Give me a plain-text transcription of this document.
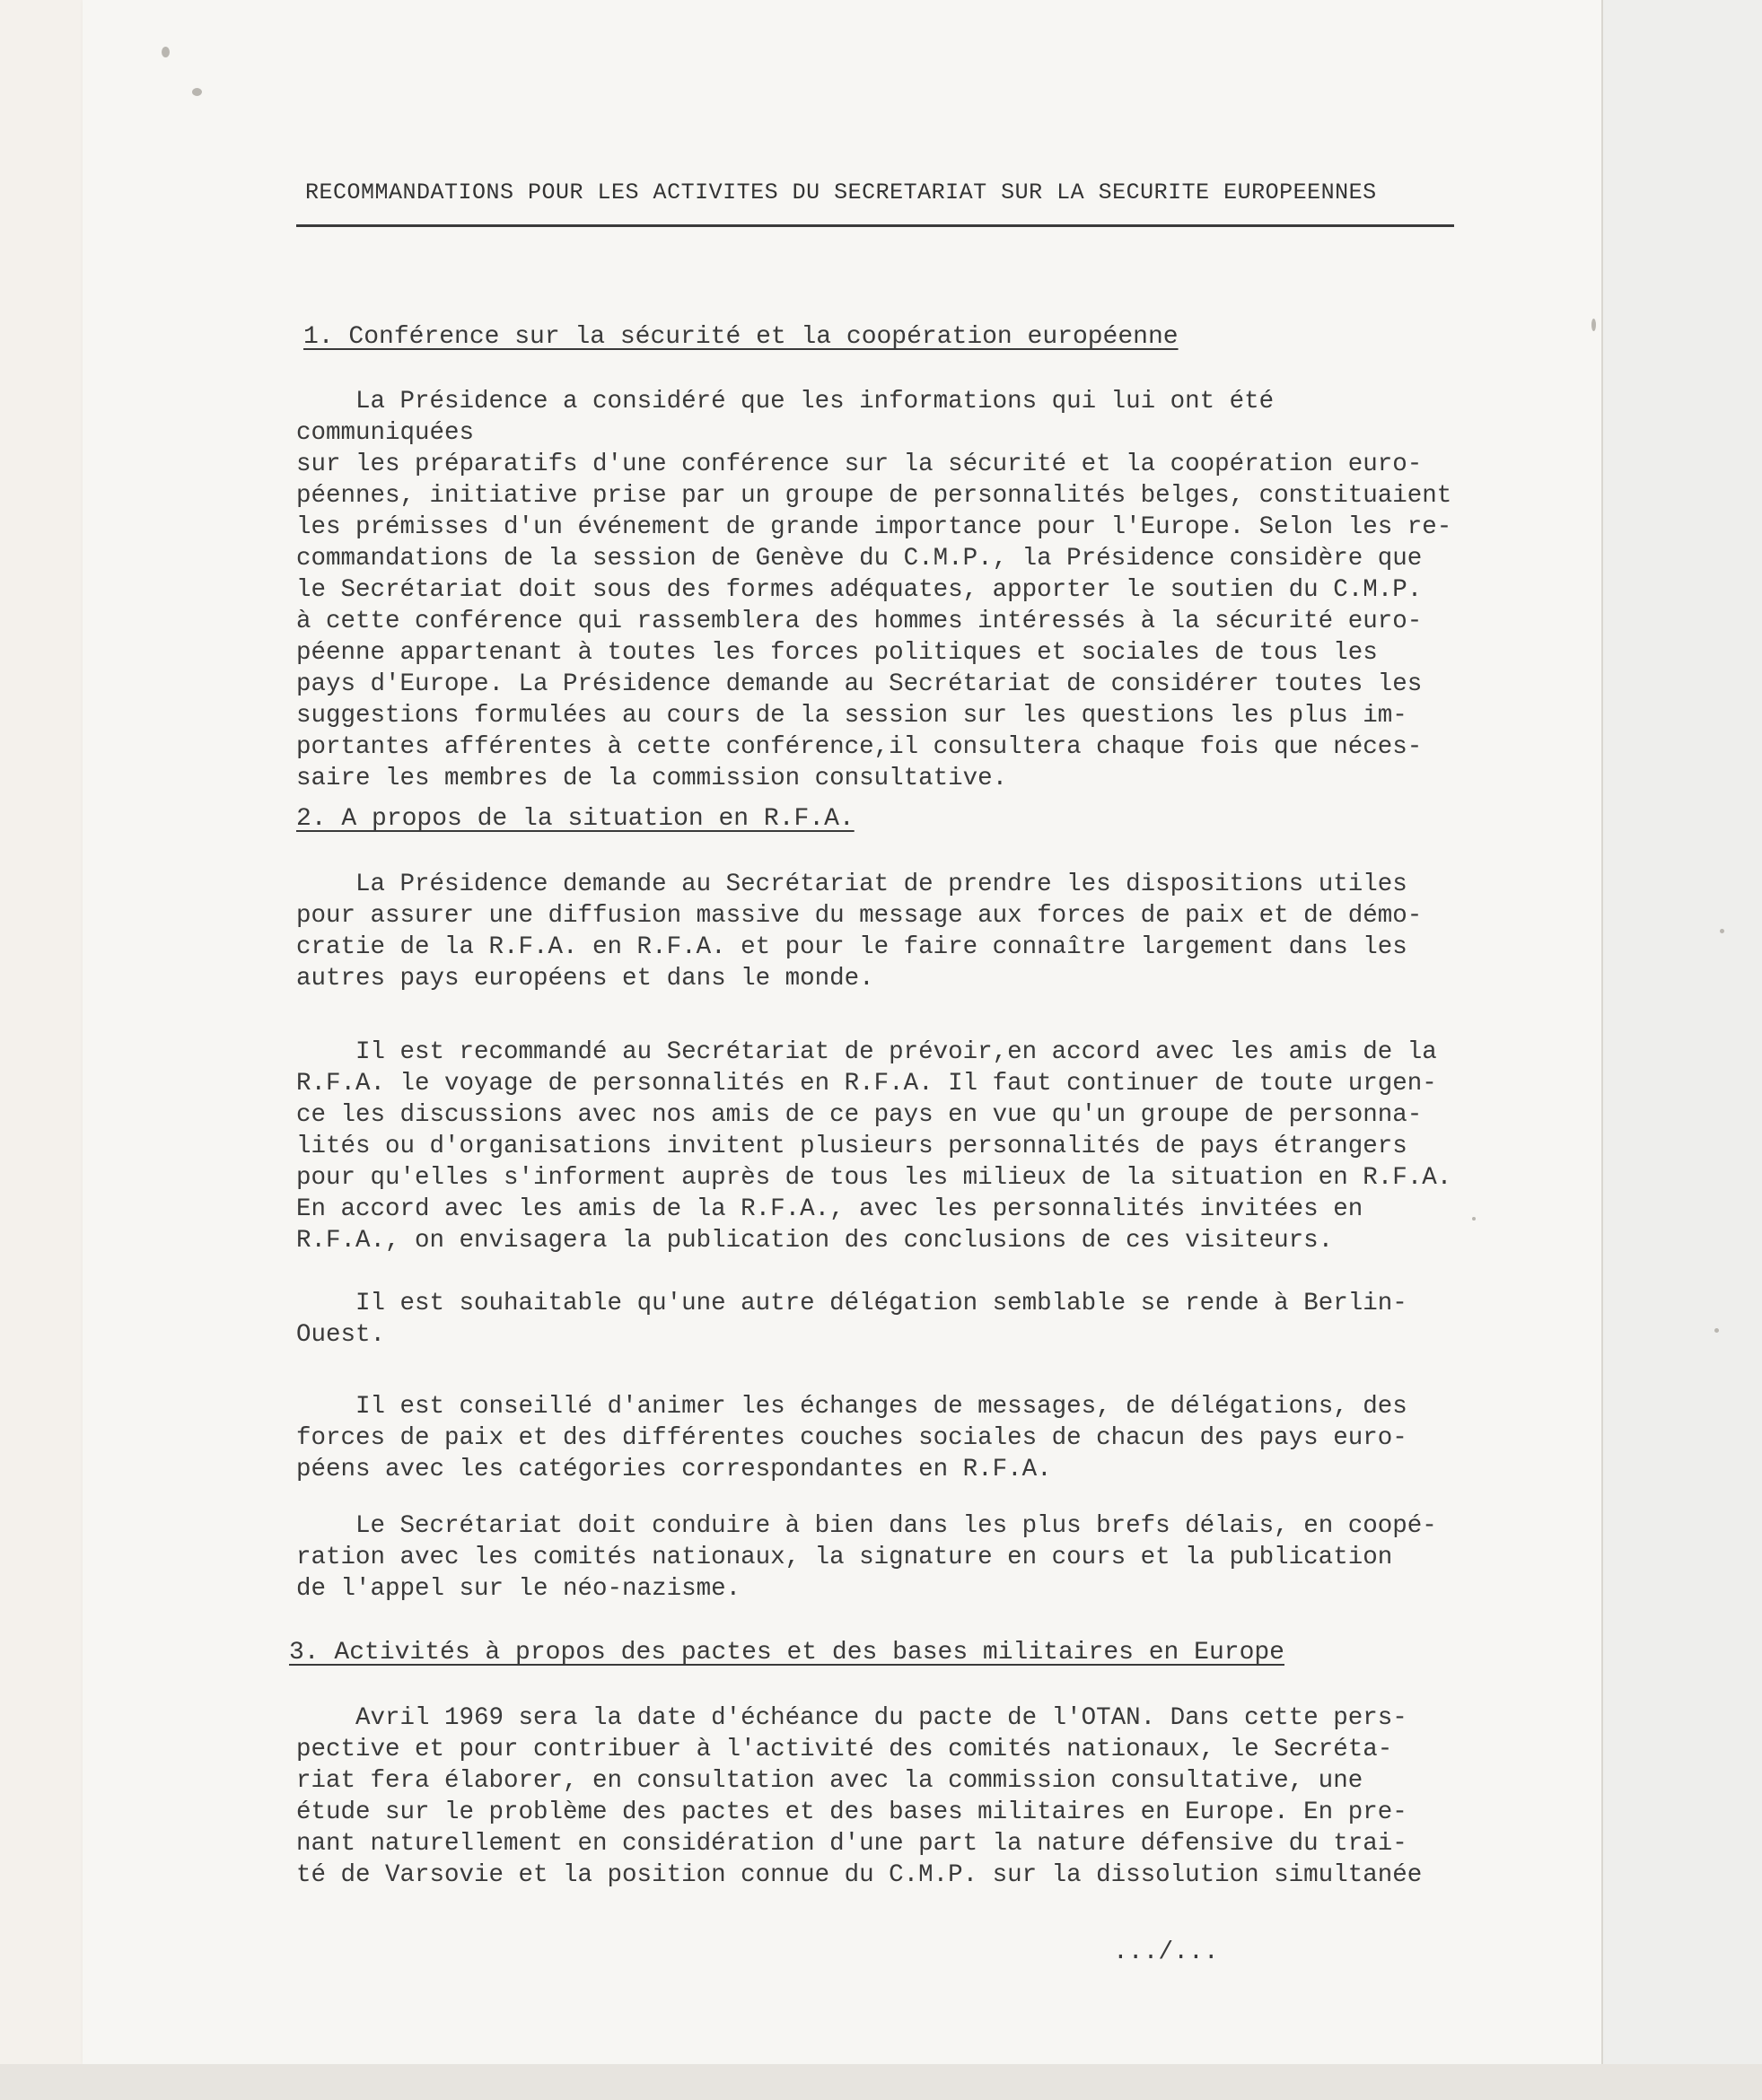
RECOMMANDATIONS POUR LES ACTIVITES DU SECRETARIAT SUR LA SECURITE EUROPEENNES
1. Conférence sur la sécurité et la coopération européenne
La Présidence a considéré que les informations qui lui ont été communiquées
sur les préparatifs d'une conférence sur la sécurité et la coopération euro-
péennes, initiative prise par un groupe de personnalités belges, constituaient
les prémisses d'un événement de grande importance pour l'Europe. Selon les re-
commandations de la session de Genève du C.M.P., la Présidence considère que
le Secrétariat doit sous des formes adéquates, apporter le soutien du C.M.P.
à cette conférence qui rassemblera des hommes intéressés à la sécurité euro-
péenne appartenant à toutes les forces politiques et sociales de tous les
pays d'Europe. La Présidence demande au Secrétariat de considérer toutes les
suggestions formulées au cours de la session sur les questions les plus im-
portantes afférentes à cette conférence,il consultera chaque fois que néces-
saire les membres de la commission consultative.
2. A propos de la situation en R.F.A.
La Présidence demande au Secrétariat de prendre les dispositions utiles
pour assurer une diffusion massive du message aux forces de paix et de démo-
cratie de la R.F.A. en R.F.A. et pour le faire connaître largement dans les
autres pays européens et dans le monde.
Il est recommandé au Secrétariat de prévoir,en accord avec les amis de la
R.F.A. le voyage de personnalités en R.F.A. Il faut continuer de toute urgen-
ce les discussions avec nos amis de ce pays en vue qu'un groupe de personna-
lités ou d'organisations invitent plusieurs personnalités de pays étrangers
pour qu'elles s'informent auprès de tous les milieux de la situation en R.F.A.
En accord avec les amis de la R.F.A., avec les personnalités invitées en
R.F.A., on envisagera la publication des conclusions de ces visiteurs.
Il est souhaitable qu'une autre délégation semblable se rende à Berlin-
Ouest.
Il est conseillé d'animer les échanges de messages, de délégations, des
forces de paix et des différentes couches sociales de chacun des pays euro-
péens avec les catégories correspondantes en R.F.A.
Le Secrétariat doit conduire à bien dans les plus brefs délais, en coopé-
ration avec les comités nationaux, la signature en cours et la publication
de l'appel sur le néo-nazisme.
3. Activités à propos des pactes et des bases militaires en Europe
Avril 1969 sera la date d'échéance du pacte de l'OTAN. Dans cette pers-
pective et pour contribuer à l'activité des comités nationaux, le Secréta-
riat fera élaborer, en consultation avec la commission consultative, une
étude sur le problème des pactes et des bases militaires en Europe. En pre-
nant naturellement en considération d'une part la nature défensive du trai-
té de Varsovie et la position connue du C.M.P. sur la dissolution simultanée
.../...
